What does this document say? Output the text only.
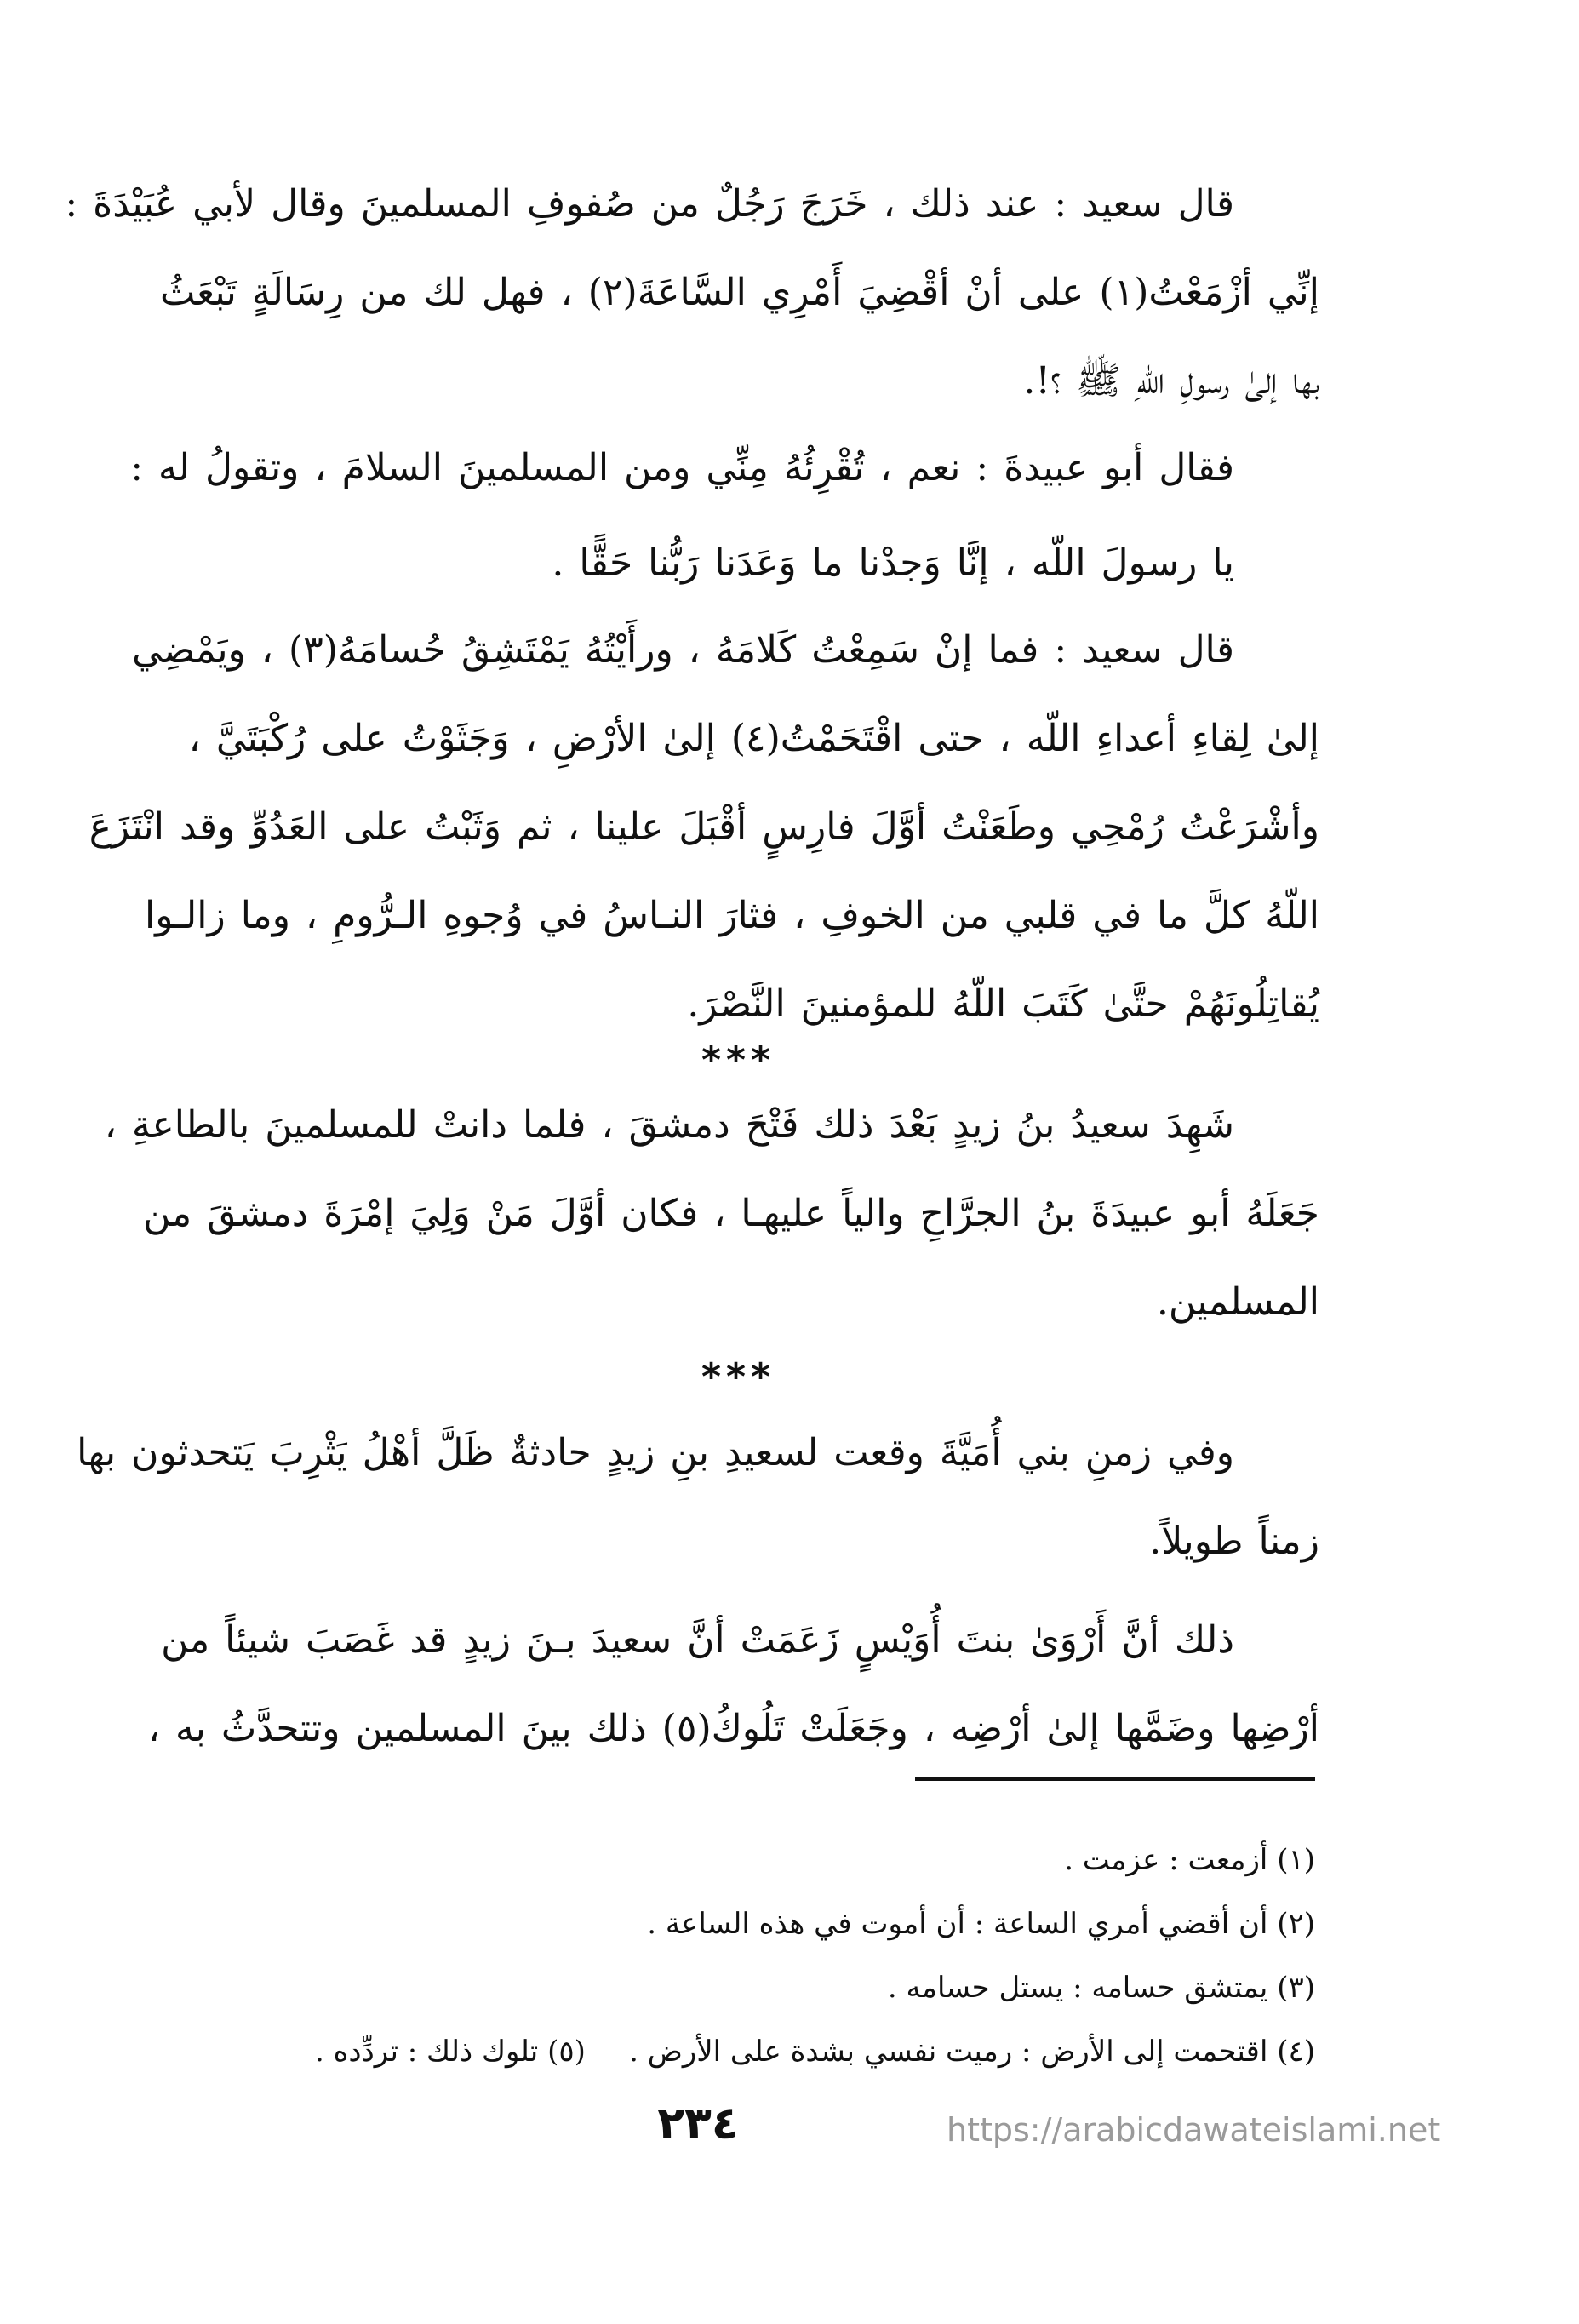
قال سعيد : عند ذلك ، خَرَجَ رَجُلٌ من صُفوفِ المسلمينَ وقال لأبي عُبَيْدَةَ :
إنِّي أزْمَعْتُ(١) على أنْ أقْضِيَ أَمْرِي السَّاعَةَ(٢) ، فهل لك من رِسَالَةٍ تَبْعَثُ
بها إلىٰ رسولِ اللّهِ ﷺ ؟!.
فقال أبو عبيدةَ : نعم ، تُقْرِئُهُ مِنِّي ومن المسلمينَ السلامَ ، وتقولُ له :
يا رسولَ اللّه ، إنَّا وَجدْنا ما وَعَدَنا رَبُّنا حَقًّا .
قال سعيد : فما إنْ سَمِعْتُ كَلامَهُ ، ورأَيْتُهُ يَمْتَشِقُ حُسامَهُ(٣) ، ويَمْضِي
إلىٰ لِقاءِ أعداءِ اللّه ، حتى اقْتَحَمْتُ(٤) إلىٰ الأرْضِ ، وَجَثَوْتُ على رُكْبَتَيَّ ،
وأشْرَعْتُ رُمْحِي وطَعَنْتُ أوَّلَ فارِسٍ أقْبَلَ علينا ، ثم وَثَبْتُ على العَدُوِّ وقد انْتَزَعَ
اللّهُ كلَّ ما في قلبي من الخوفِ ، فثارَ النـاسُ في وُجوهِ الـرُّومِ ، وما زالـوا
يُقاتِلُونَهُمْ حتَّىٰ كَتَبَ اللّهُ للمؤمنينَ النَّصْرَ.
***
شَهِدَ سعيدُ بنُ زيدٍ بَعْدَ ذلك فَتْحَ دمشقَ ، فلما دانتْ للمسلمينَ بالطاعةِ ،
جَعَلَهُ أبو عبيدَةَ بنُ الجرَّاحِ والياً عليهـا ، فكان أوَّلَ مَنْ وَلِيَ إمْرَةَ دمشقَ من
المسلمين.
***
وفي زمنِ بني أُمَيَّةَ وقعت لسعيدِ بنِ زيدٍ حادثةٌ ظَلَّ أهْلُ يَثْرِبَ يَتحدثون بها
زمناً طويلاً.
ذلك أنَّ أَرْوَىٰ بنتَ أُوَيْسٍ زَعَمَتْ أنَّ سعيدَ بـنَ زيدٍ قد غَصَبَ شيئاً من
أرْضِها وضَمَّها إلىٰ أرْضِه ، وجَعَلَتْ تَلُوكُ(٥) ذلك بينَ المسلمين وتتحدَّثُ به ،
(١) أزمعت : عزمت .
(٢) أن أقضي أمري الساعة : أن أموت في هذه الساعة .
(٣) يمتشق حسامه : يستل حسامه .
(٤) اقتحمت إلى الأرض : رميت نفسي بشدة على الأرض .
(٥) تلوك ذلك : تردِّده .
٢٣٤	https://arabicdawateislami.net
